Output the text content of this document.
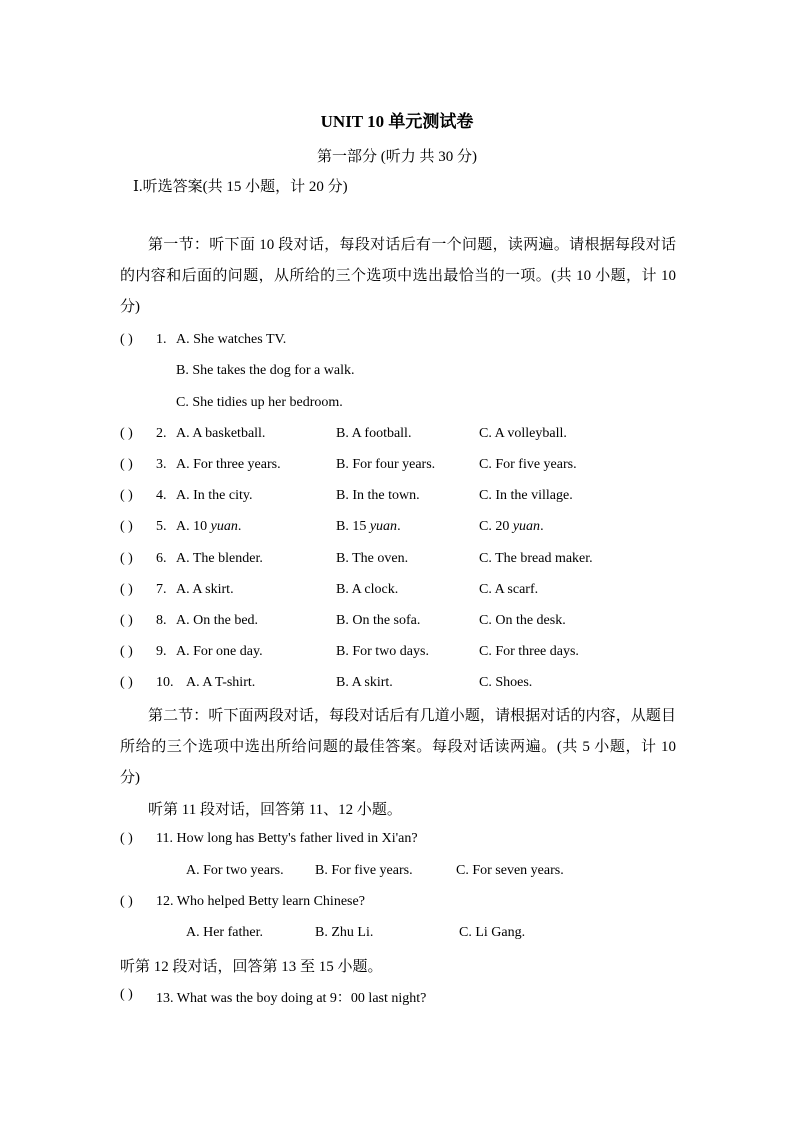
UNIT 10 单元测试卷
第一部分 (听力 共 30 分)
Ⅰ.听选答案(共 15 小题，计 20 分)
第一节：听下面 10 段对话，每段对话后有一个问题，读两遍。请根据每段对话的内容和后面的问题，从所给的三个选项中选出最恰当的一项。(共 10 小题，计 10 分)
( ) 1. A. She watches TV.
B. She takes the dog for a walk.
C. She tidies up her bedroom.
( ) 2. A. A basketball.	B. A football.	C. A volleyball.
( ) 3. A. For three years.	B. For four years.	C. For five years.
( ) 4. A. In the city.	B. In the town.	C. In the village.
( ) 5. A. 10 yuan.	B. 15 yuan.	C. 20 yuan.
( ) 6. A. The blender.	B. The oven.	C. The bread maker.
( ) 7. A. A skirt.	B. A clock.	C. A scarf.
( ) 8. A. On the bed.	B. On the sofa.	C. On the desk.
( ) 9. A. For one day.	B. For two days.	C. For three days.
( ) 10. A. A T-shirt.	B. A skirt.	C. Shoes.
第二节：听下面两段对话，每段对话后有几道小题，请根据对话的内容，从题目所给的三个选项中选出所给问题的最佳答案。每段对话读两遍。(共 5 小题，计 10 分)
听第 11 段对话，回答第 11、12 小题。
( ) 11. How long has Betty's father lived in Xi'an?
A. For two years. B. For five years.	C. For seven years.
( ) 12. Who helped Betty learn Chinese?
A. Her father.	B. Zhu Li.	C. Li Gang.
听第 12 段对话，回答第 13 至 15 小题。
( ) 13. What was the boy doing at 9：00 last night?
